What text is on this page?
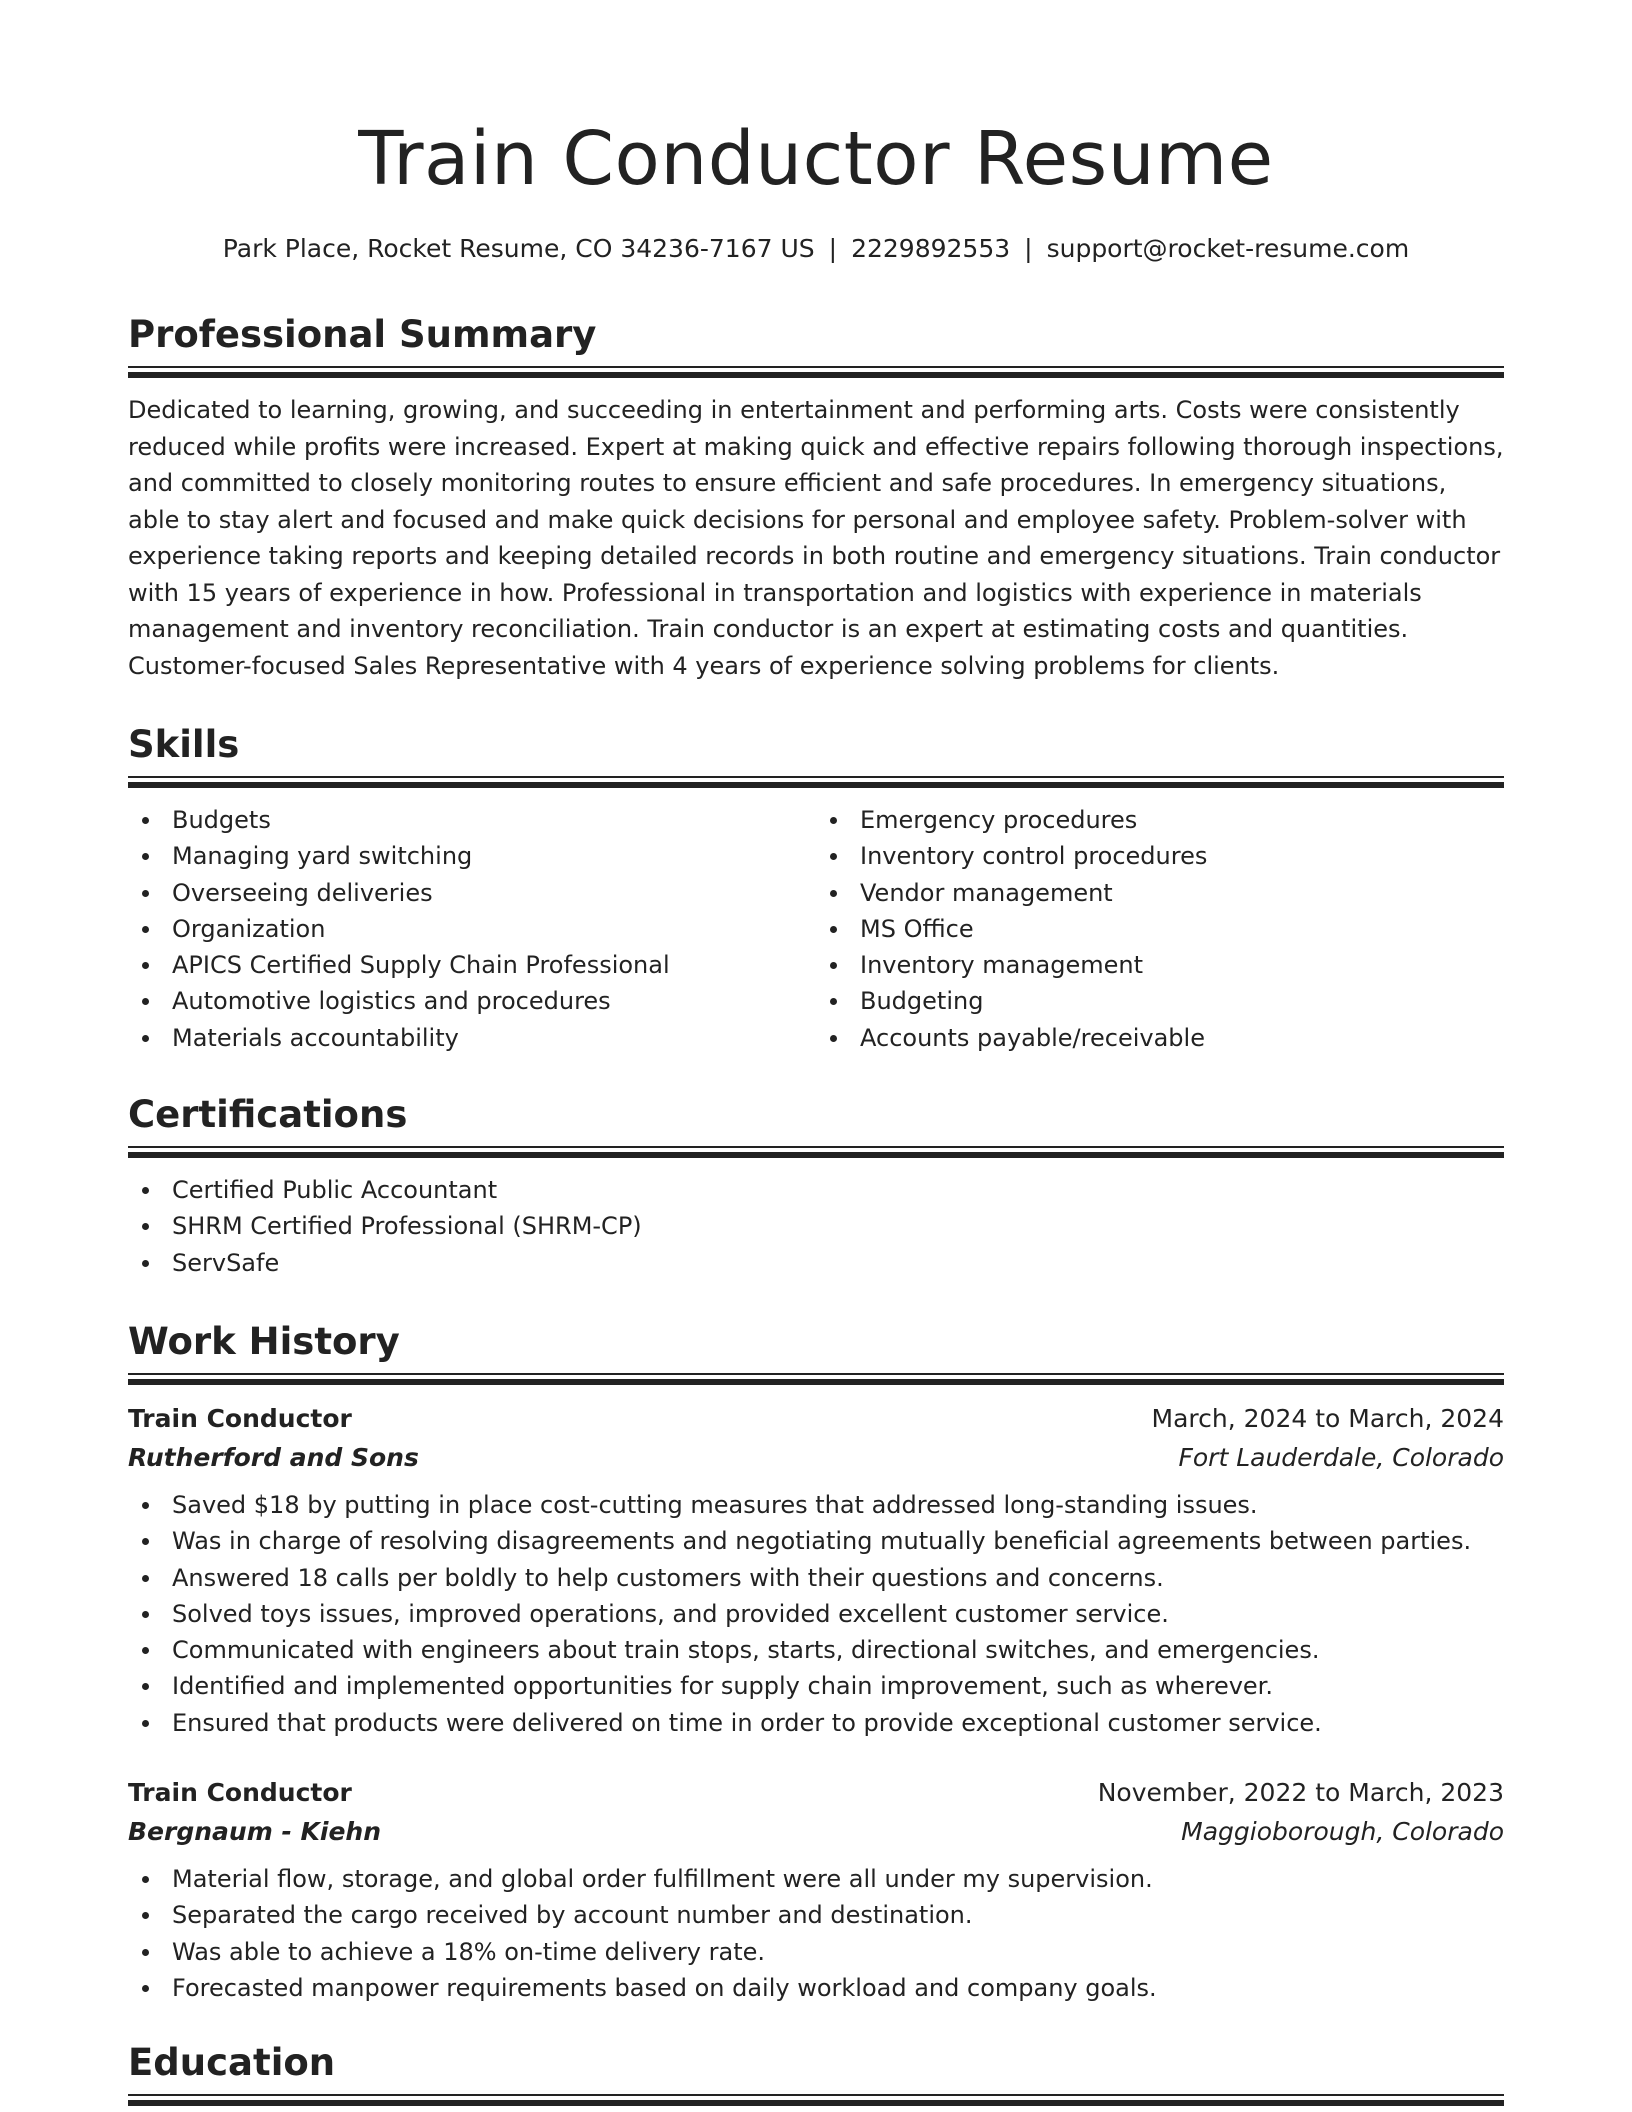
Train Conductor Resume
Park Place, Rocket Resume, CO 34236-7167 US | 2229892553 | support@rocket-resume.com
Professional Summary

Dedicated to learning, growing, and succeeding in entertainment and performing arts. Costs were consistently reduced while profits were increased. Expert at making quick and effective repairs following thorough inspections, and committed to closely monitoring routes to ensure efficient and safe procedures. In emergency situations, able to stay alert and focused and make quick decisions for personal and employee safety. Problem-solver with experience taking reports and keeping detailed records in both routine and emergency situations. Train conductor with 15 years of experience in how. Professional in transportation and logistics with experience in materials management and inventory reconciliation. Train conductor is an expert at estimating costs and quantities. Customer-focused Sales Representative with 4 years of experience solving problems for clients.

Skills
Budgets
Managing yard switching
Overseeing deliveries
Organization
APICS Certified Supply Chain Professional
Automotive logistics and procedures
Materials accountability
Emergency procedures
Inventory control procedures
Vendor management
MS Office
Inventory management
Budgeting
Accounts payable/receivable
Certifications
Certified Public Accountant
SHRM Certified Professional (SHRM-CP)
ServSafe
Work History
Train Conductor	March, 2024 to March, 2024
Rutherford and Sons	Fort Lauderdale, Colorado
Saved $18 by putting in place cost-cutting measures that addressed long-standing issues.
Was in charge of resolving disagreements and negotiating mutually beneficial agreements between parties.
Answered 18 calls per boldly to help customers with their questions and concerns.
Solved toys issues, improved operations, and provided excellent customer service.
Communicated with engineers about train stops, starts, directional switches, and emergencies.
Identified and implemented opportunities for supply chain improvement, such as wherever.
Ensured that products were delivered on time in order to provide exceptional customer service.
Train Conductor	November, 2022 to March, 2023
Bergnaum - Kiehn	Maggioborough, Colorado
Material flow, storage, and global order fulfillment were all under my supervision.
Separated the cargo received by account number and destination.
Was able to achieve a 18% on-time delivery rate.
Forecasted manpower requirements based on daily workload and company goals.
Education
